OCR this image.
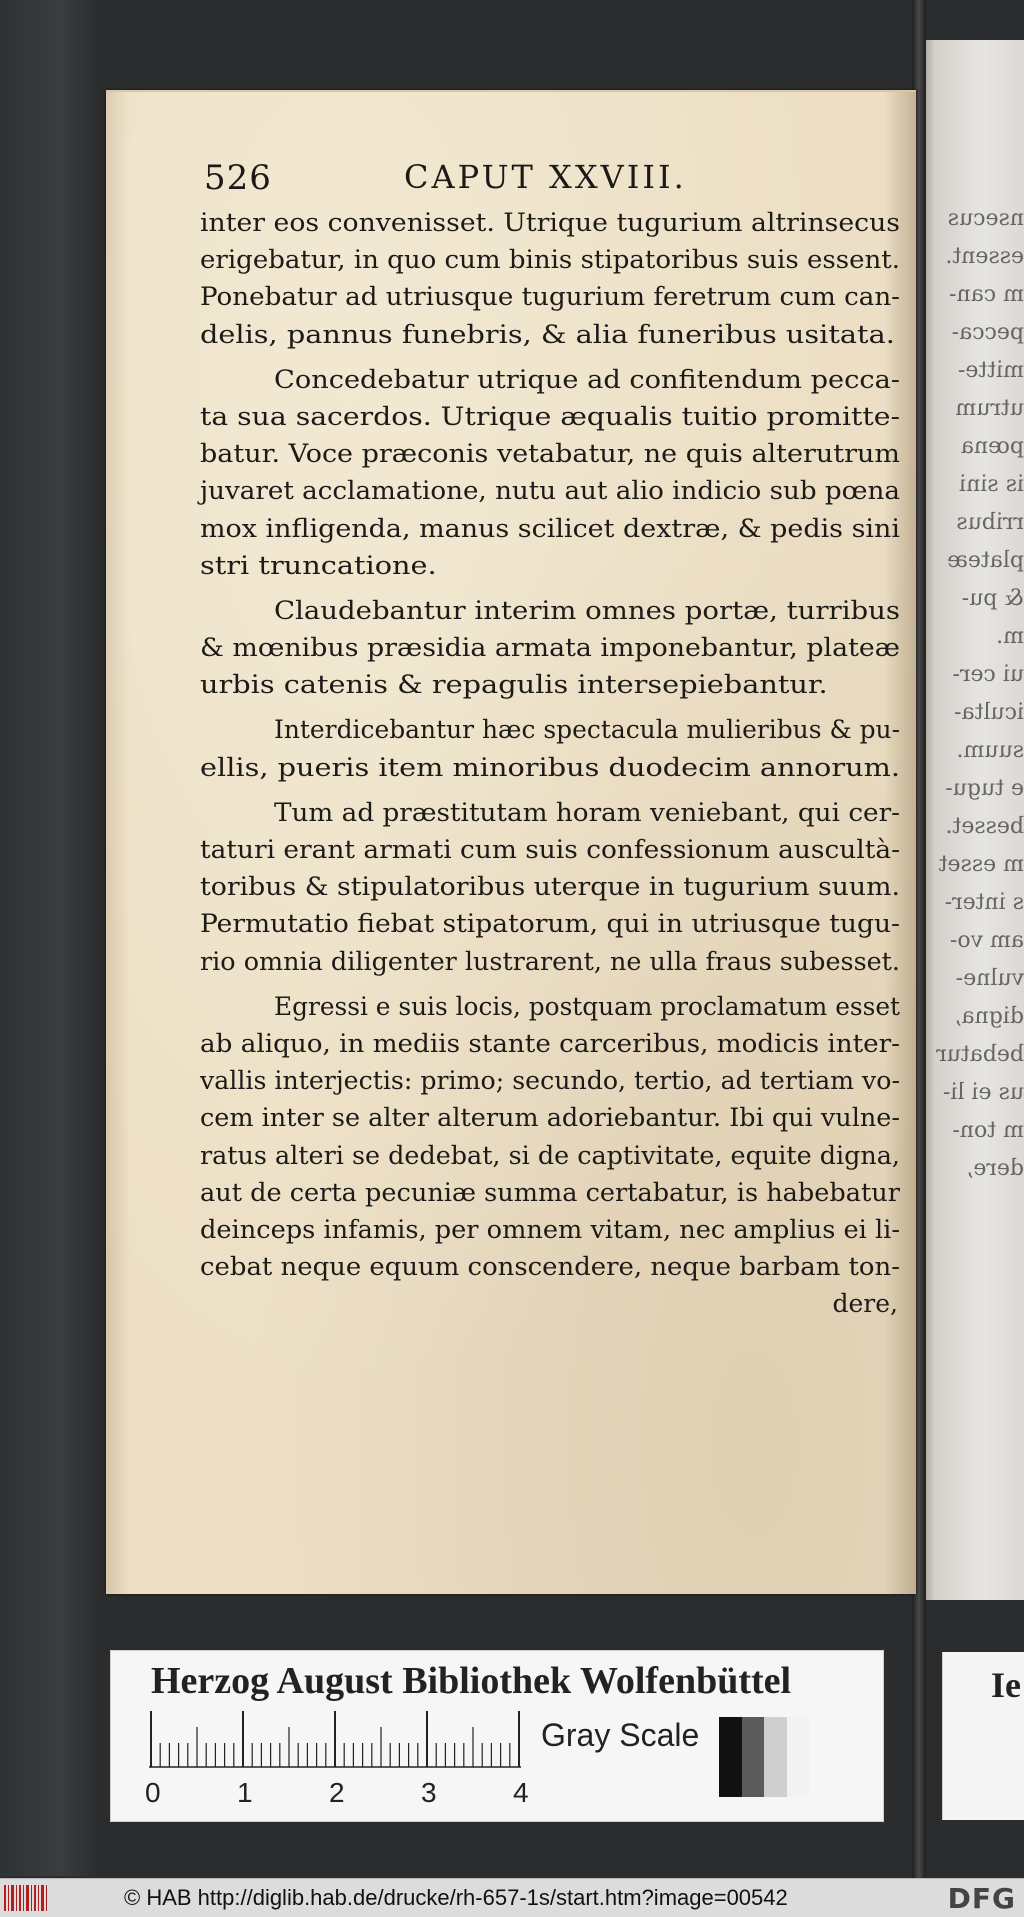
nsecus
essent.
m can-
pecca-
mitte-
utrum
pœna
is sini
rribus
plateæ
& pu-
m.
ui cer-
iculta-
suum.
e tugu-
besset.
m esset
s inter-
am vo-
vulne-
digna,
bebatur
us ei li-
m ton-
dere,
526	CAPUT XXVIII.
inter eos convenisset. Utrique tugurium altrinsecus
erigebatur, in quo cum binis stipatoribus suis essent.
Ponebatur ad utriusque tugurium feretrum cum can-
delis, pannus funebris, & alia funeribus usitata.
Concedebatur utrique ad confitendum pecca-
ta sua sacerdos. Utrique æqualis tuitio promitte-
batur. Voce præconis vetabatur, ne quis alterutrum
juvaret acclamatione, nutu aut alio indicio sub pœna
mox infligenda, manus scilicet dextræ, & pedis sini
stri truncatione.
Claudebantur interim omnes portæ, turribus
& mœnibus præsidia armata imponebantur, plateæ
urbis catenis & repagulis intersepiebantur.
Interdicebantur hæc spectacula mulieribus & pu-
ellis, pueris item minoribus duodecim annorum.
Tum ad præstitutam horam veniebant, qui cer-
taturi erant armati cum suis confessionum auscultà-
toribus & stipulatoribus uterque in tugurium suum.
Permutatio fiebat stipatorum, qui in utriusque tugu-
rio omnia diligenter lustrarent, ne ulla fraus subesset.
Egressi e suis locis, postquam proclamatum esset
ab aliquo, in mediis stante carceribus, modicis inter-
vallis interjectis: primo; secundo, tertio, ad tertiam vo-
cem inter se alter alterum adoriebantur. Ibi qui vulne-
ratus alteri se dedebat, si de captivitate, equite digna,
aut de certa pecuniæ summa certabatur, is habebatur
deinceps infamis, per omnem vitam, nec amplius ei li-
cebat neque equum conscendere, neque barbam ton-
dere,
Herzog August Bibliothek Wolfenbüttel
0	1	2	3	4
Gray Scale
Ie
© HAB http://diglib.hab.de/drucke/rh-657-1s/start.htm?image=00542	DFG
